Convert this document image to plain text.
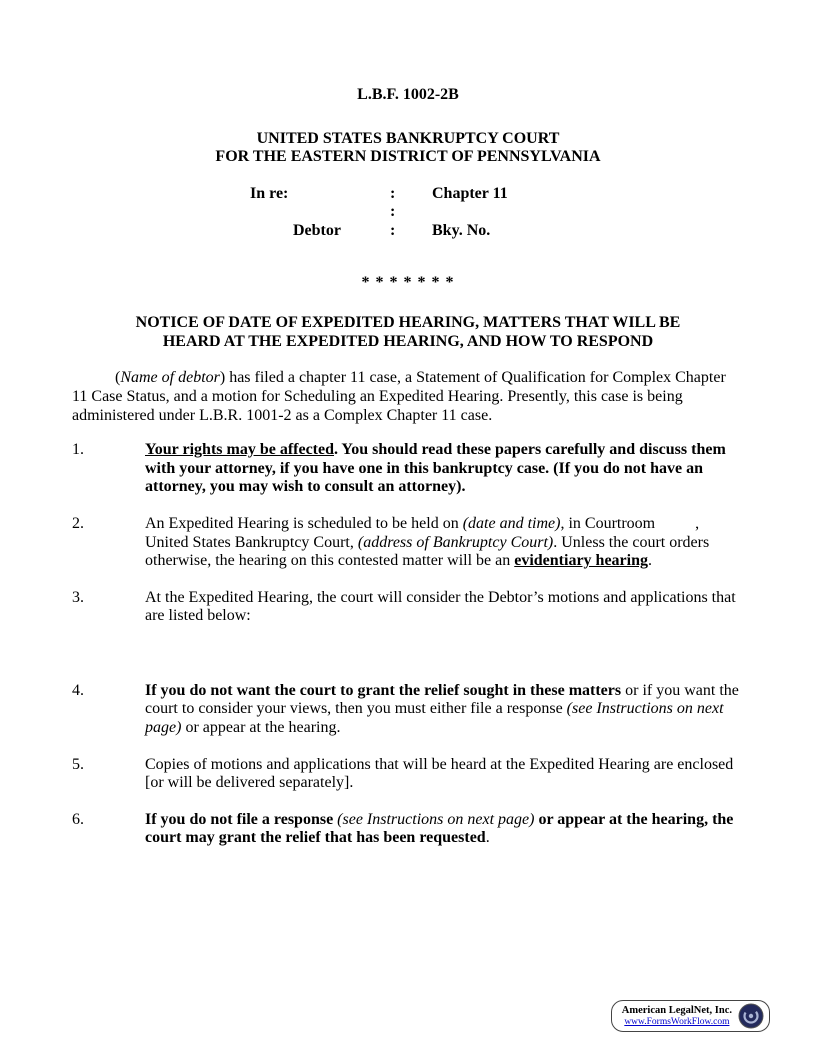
L.B.F. 1002-2B
UNITED STATES BANKRUPTCY COURT
FOR THE EASTERN DISTRICT OF PENNSYLVANIA
In re:	:	Chapter 11
:
Debtor	:	Bky. No.
* * * * * * *
NOTICE OF DATE OF EXPEDITED HEARING, MATTERS THAT WILL BE
HEARD AT THE EXPEDITED HEARING, AND HOW TO RESPOND
(Name of debtor) has filed a chapter 11 case, a Statement of Qualification for Complex Chapter 11 Case Status, and a motion for Scheduling an Expedited Hearing. Presently, this case is being administered under L.B.R. 1001-2 as a Complex Chapter 11 case.
1.	Your rights may be affected. You should read these papers carefully and discuss them with your attorney, if you have one in this bankruptcy case. (If you do not have an attorney, you may wish to consult an attorney).
2.	An Expedited Hearing is scheduled to be held on (date and time), in Courtroom          , United States Bankruptcy Court, (address of Bankruptcy Court). Unless the court orders otherwise, the hearing on this contested matter will be an evidentiary hearing.
3.	At the Expedited Hearing, the court will consider the Debtor’s motions and applications that are listed below:
4.	If you do not want the court to grant the relief sought in these matters or if you want the court to consider your views, then you must either file a response (see Instructions on next page) or appear at the hearing.
5.	Copies of motions and applications that will be heard at the Expedited Hearing are enclosed [or will be delivered separately].
6.	If you do not file a response (see Instructions on next page) or appear at the hearing, the court may grant the relief that has been requested.
American LegalNet, Inc.
www.FormsWorkFlow.com
